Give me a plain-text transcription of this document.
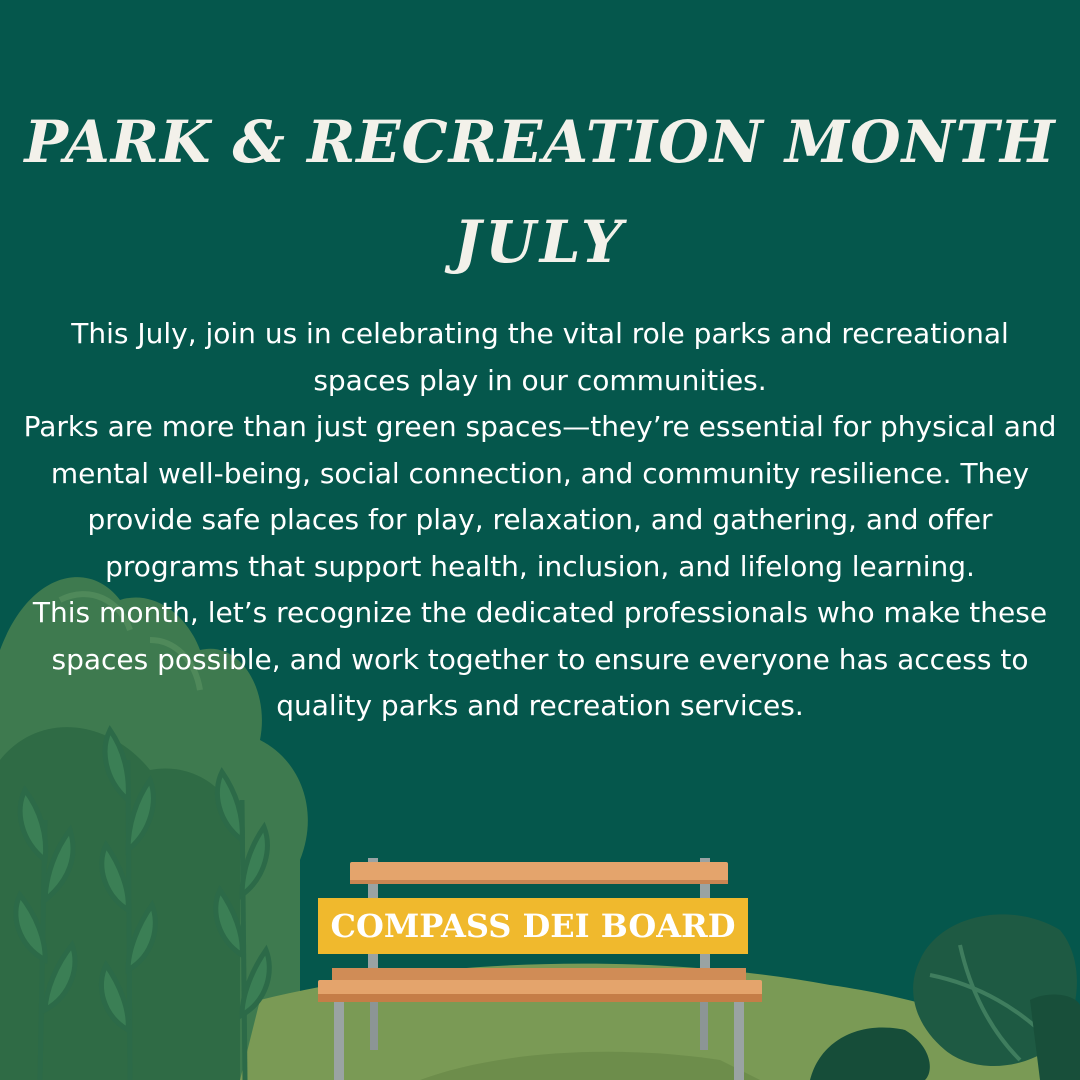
PARK & RECREATION MONTH
JULY

This July, join us in celebrating the vital role parks and recreational spaces play in our communities.

Parks are more than just green spaces—they’re essential for physical and mental well-being, social connection, and community resilience. They provide safe places for play, relaxation, and gathering, and offer programs that support health, inclusion, and lifelong learning.

This month, let’s recognize the dedicated professionals who make these spaces possible, and work together to ensure everyone has access to quality parks and recreation services.

COMPASS DEI BOARD
